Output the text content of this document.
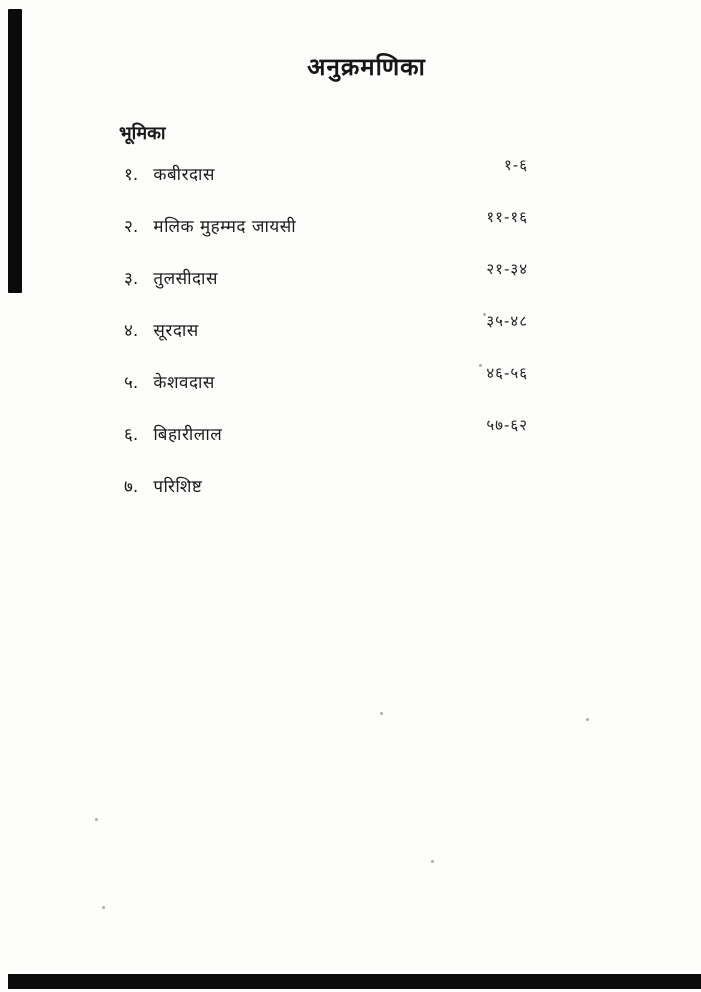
अनुक्रमणिका
भूमिका
१. कबीरदास	१-६
२. मलिक मुहम्मद जायसी	११-१६
३. तुलसीदास	२१-३४
४. सूरदास	३५-४८
५. केशवदास	४६-५६
६. बिहारीलाल	५७-६२
७. परिशिष्ट
